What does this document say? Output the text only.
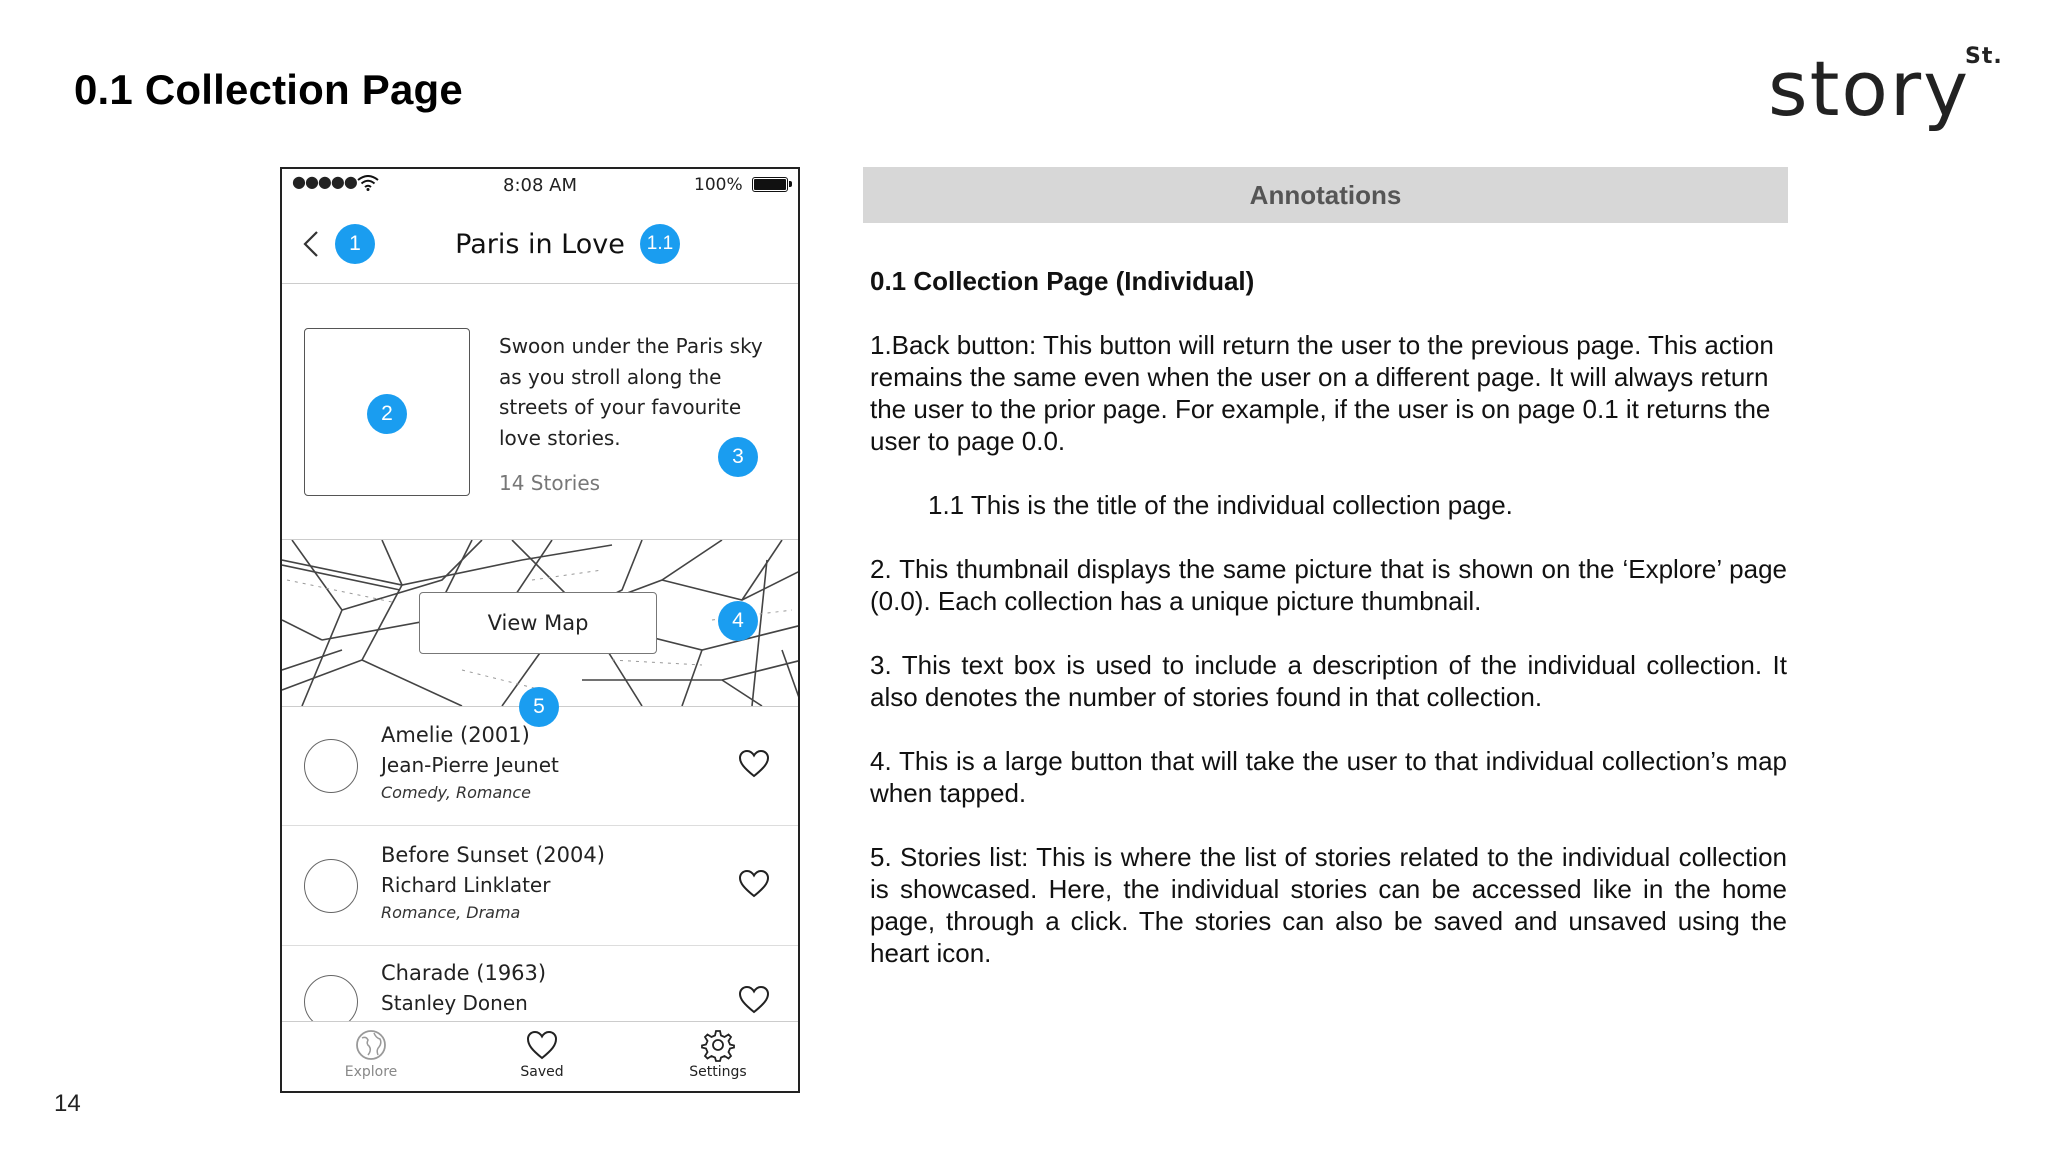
0.1 Collection Page	story
St.
●●●●●	8:08 AM	100%
Paris in Love
Swoon under the Paris sky as you stroll along the streets of your favourite love stories.
14 Stories
View Map
Amelie (2001)
Jean-Pierre Jeunet
Comedy, Romance
Before Sunset (2004)
Richard Linklater
Romance, Drama
Charade (1963)
Stanley Donen
Explore	Saved	Settings
1	1.1
2
3
4
5
Annotations

0.1 Collection Page (Individual)

1.Back button: This button will return the user to the previous page. This action remains the same even when the user on a different page. It will always return the user to the prior page. For example, if the user is on page 0.1 it returns the user to page 0.0.

1.1 This is the title of the individual collection page.

2. This thumbnail displays the same picture that is shown on the ‘Explore’ page (0.0). Each collection has a unique picture thumbnail.

3. This text box is used to include a description of the individual collection. It also denotes the number of stories found in that collection.

4. This is a large button that will take the user to that individual collection’s map when tapped.

5. Stories list: This is where the list of stories related to the individual collection is showcased. Here, the individual stories can be accessed like in the home page, through a click. The stories can also be saved and unsaved using the heart icon.

14
